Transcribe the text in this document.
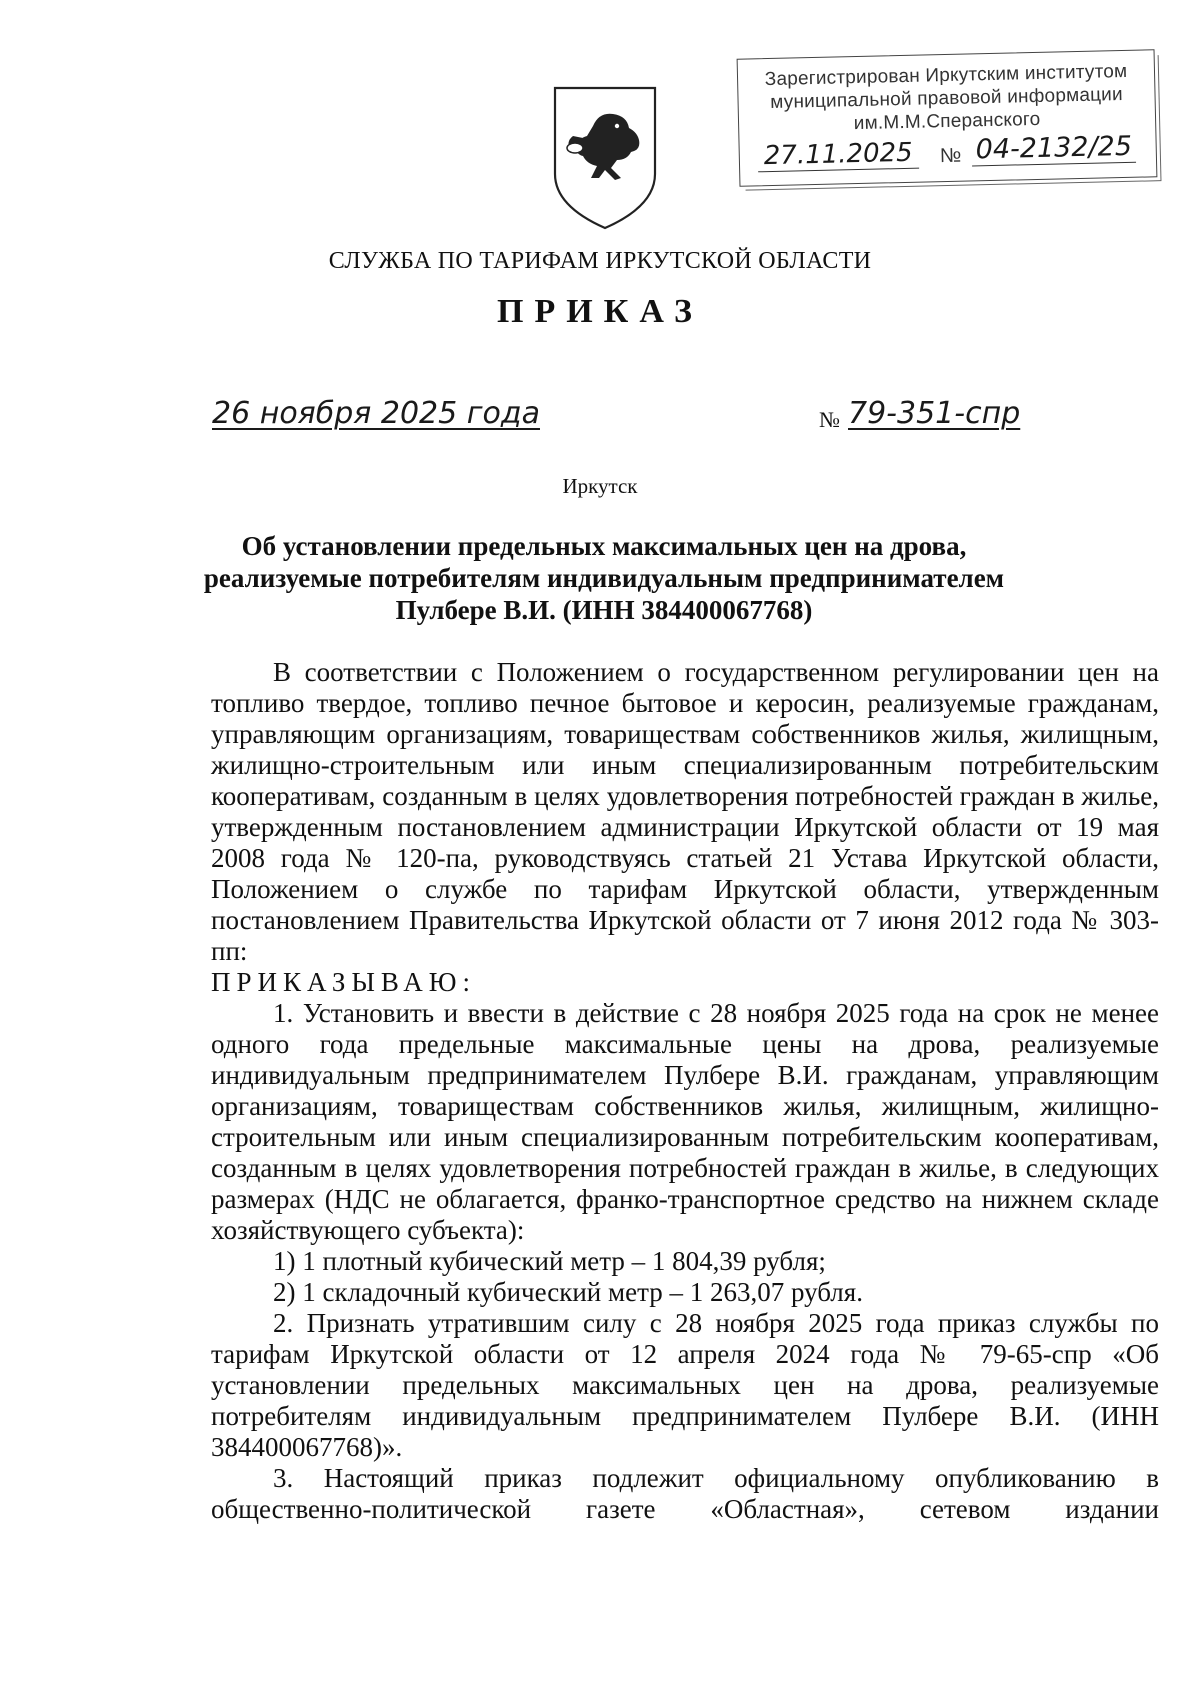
Зарегистрирован Иркутским институтом
муниципальной правовой информации
им.М.М.Сперанского
27.11.2025	№ 04-2132/25
СЛУЖБА ПО ТАРИФАМ ИРКУТСКОЙ ОБЛАСТИ
ПРИКАЗ
26 ноября 2025 года	№ 79-351-спр
Иркутск
Об установлении предельных максимальных цен на дрова, реализуемые потребителям индивидуальным предпринимателем Пулбере В.И. (ИНН 384400067768)

В соответствии с Положением о государственном регулировании цен на топливо твердое, топливо печное бытовое и керосин, реализуемые гражданам, управляющим организациям, товариществам собственников жилья, жилищным, жилищно-строительным или иным специализированным потребительским кооперативам, созданным в целях удовлетворения потребностей граждан в жилье, утвержденным постановлением администрации Иркутской области от 19 мая 2008 года № 120-па, руководствуясь статьей 21 Устава Иркутской области, Положением о службе по тарифам Иркутской области, утвержденным постановлением Правительства Иркутской области от 7 июня 2012 года № 303-пп:

ПРИКАЗЫВАЮ:

1. Установить и ввести в действие с 28 ноября 2025 года на срок не менее одного года предельные максимальные цены на дрова, реализуемые индивидуальным предпринимателем Пулбере В.И. гражданам, управляющим организациям, товариществам собственников жилья, жилищным, жилищно-строительным или иным специализированным потребительским кооперативам, созданным в целях удовлетворения потребностей граждан в жилье, в следующих размерах (НДС не облагается, франко-транспортное средство на нижнем складе хозяйствующего субъекта):

1) 1 плотный кубический метр – 1 804,39 рубля;

2) 1 складочный кубический метр – 1 263,07 рубля.

2. Признать утратившим силу с 28 ноября 2025 года приказ службы по тарифам Иркутской области от 12 апреля 2024 года № 79-65-спр «Об установлении предельных максимальных цен на дрова, реализуемые потребителям индивидуальным предпринимателем Пулбере В.И. (ИНН 384400067768)».

3. Настоящий приказ подлежит официальному опубликованию в общественно-политической газете «Областная», сетевом издании
